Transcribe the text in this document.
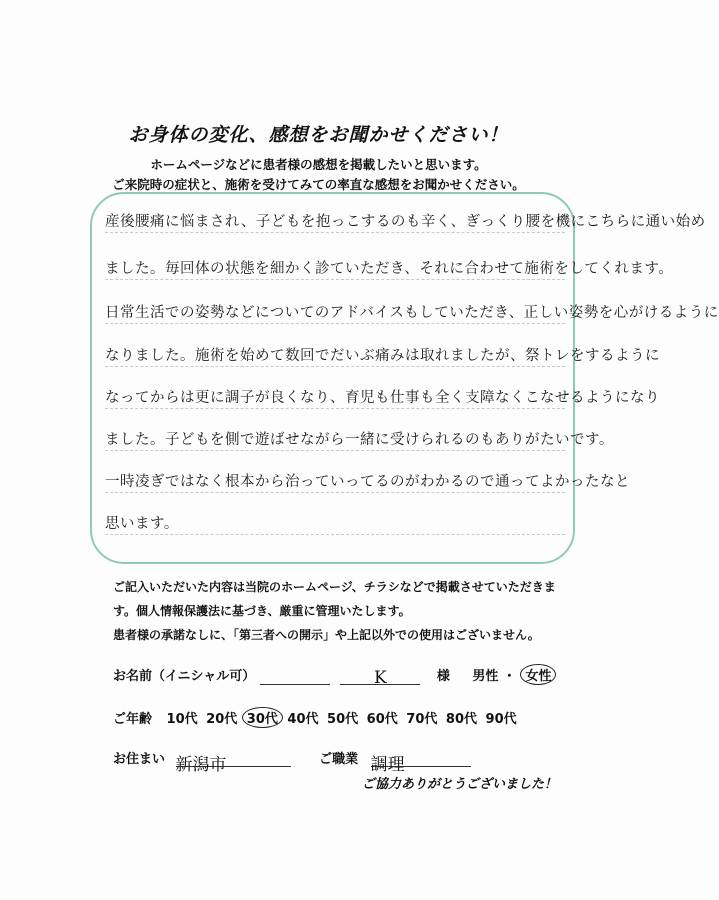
お身体の変化、感想をお聞かせください！
ホームページなどに患者様の感想を掲載したいと思います。
ご来院時の症状と、施術を受けてみての率直な感想をお聞かせください。
産後腰痛に悩まされ、子どもを抱っこするのも辛く、ぎっくり腰を機にこちらに通い始め
ました。毎回体の状態を細かく診ていただき、それに合わせて施術をしてくれます。
日常生活での姿勢などについてのアドバイスもしていただき、正しい姿勢を心がけるように
なりました。施術を始めて数回でだいぶ痛みは取れましたが、祭トレをするように
なってからは更に調子が良くなり、育児も仕事も全く支障なくこなせるようになり
ました。子どもを側で遊ばせながら一緒に受けられるのもありがたいです。
一時凌ぎではなく根本から治っていってるのがわかるので通ってよかったなと
思います。
ご記入いただいた内容は当院のホームページ、チラシなどで掲載させていただきま
す。個人情報保護法に基づき、厳重に管理いたします。
患者様の承諾なしに、「第三者への開示」や上記以外での使用はございません。
お名前（イニシャル可）	K	様 男性 ・ 女性
ご年齢 10代 20代 30代 40代 50代 60代 70代 80代 90代
お住まい 新潟市	ご職業 調理
ご協力ありがとうございました！
